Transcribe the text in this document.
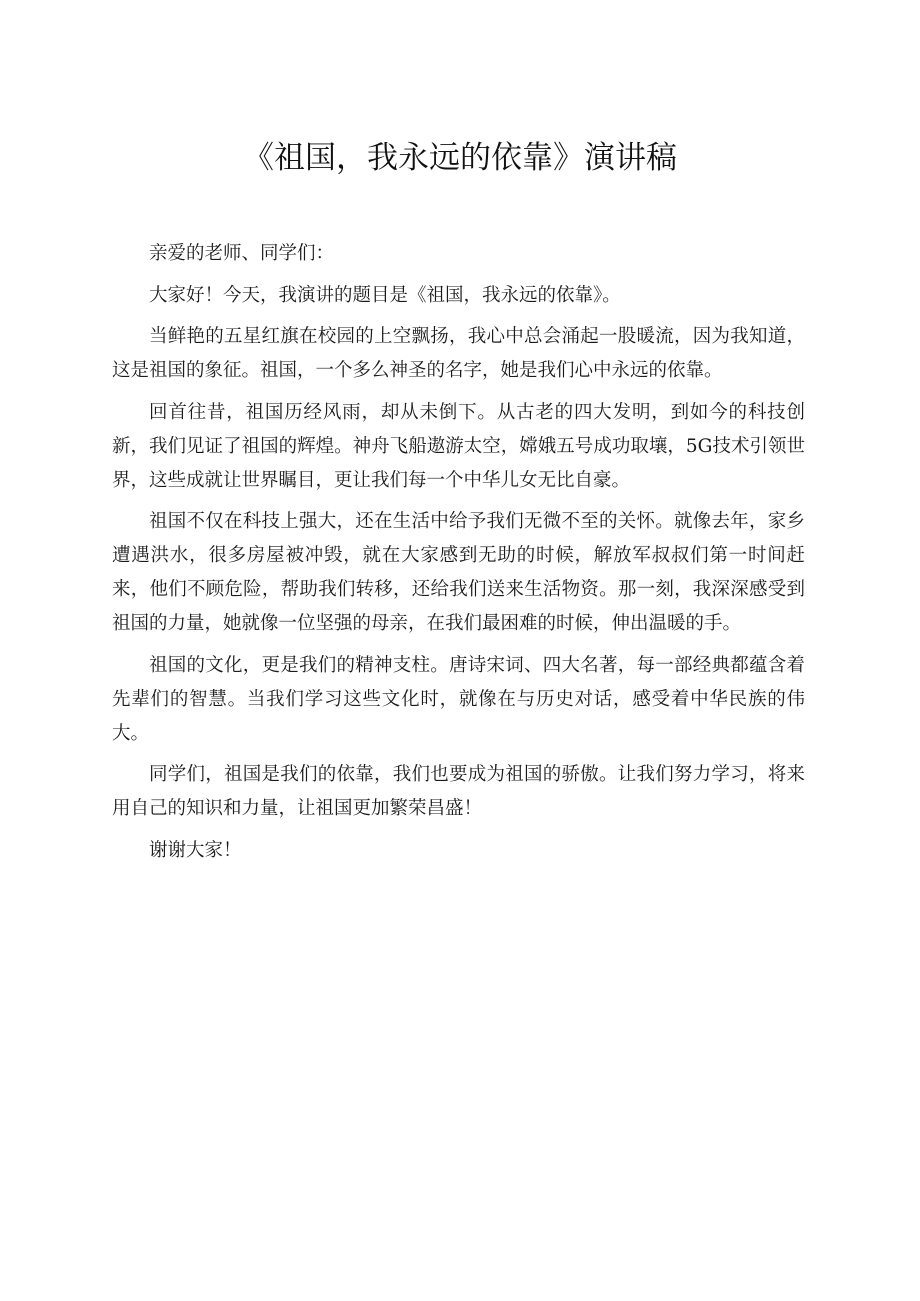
《祖国，我永远的依靠》演讲稿

亲爱的老师、同学们：

大家好！今天，我演讲的题目是《祖国，我永远的依靠》。

当鲜艳的五星红旗在校园的上空飘扬，我心中总会涌起一股暖流，因为我知道，这是祖国的象征。祖国，一个多么神圣的名字，她是我们心中永远的依靠。

回首往昔，祖国历经风雨，却从未倒下。从古老的四大发明，到如今的科技创新，我们见证了祖国的辉煌。神舟飞船遨游太空，嫦娥五号成功取壤，5G技术引领世界，这些成就让世界瞩目，更让我们每一个中华儿女无比自豪。

祖国不仅在科技上强大，还在生活中给予我们无微不至的关怀。就像去年，家乡遭遇洪水，很多房屋被冲毁，就在大家感到无助的时候，解放军叔叔们第一时间赶来，他们不顾危险，帮助我们转移，还给我们送来生活物资。那一刻，我深深感受到祖国的力量，她就像一位坚强的母亲，在我们最困难的时候，伸出温暖的手。

祖国的文化，更是我们的精神支柱。唐诗宋词、四大名著，每一部经典都蕴含着先辈们的智慧。当我们学习这些文化时，就像在与历史对话，感受着中华民族的伟大。

同学们，祖国是我们的依靠，我们也要成为祖国的骄傲。让我们努力学习，将来用自己的知识和力量，让祖国更加繁荣昌盛！

谢谢大家！
